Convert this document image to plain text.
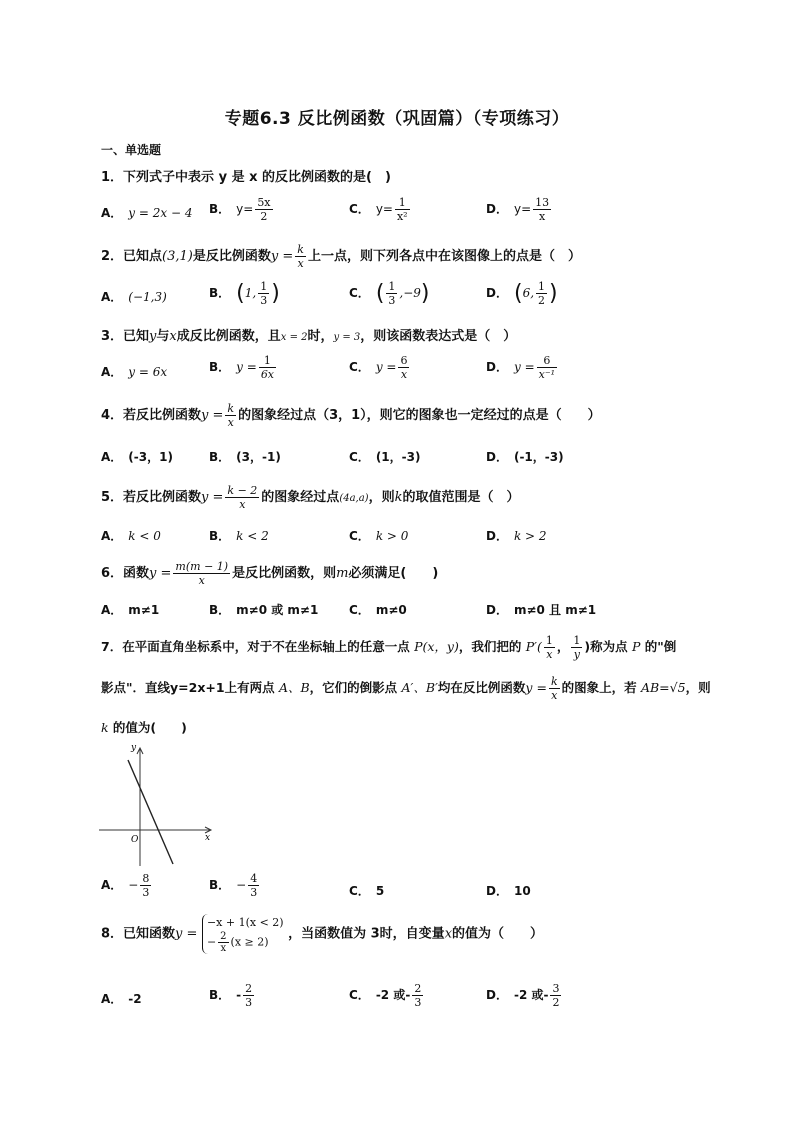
专题6.3 反比例函数（巩固篇）（专项练习）
一、单选题
1．下列式子中表示 y 是 x 的反比例函数的是(　)
A． y = 2x − 4 B． $y= \frac{5x}{2}$	C． $y= \frac{1}{\text{x²}}$	D． $y= \frac{13}{x}$
2．已知点(3,1)是反比例函数$y = \frac{k}{x}$ 上一点，则下列各点中在该图像上的点是（　）
A． (−1,3)	B． (1, $\frac{1}{3}$ )	C． ( $\frac{1}{3} ,-9$)	D． (6, $\frac{1}{2}$ )
3．已知y与x成反比例函数，且x = 2时，y = 3，则该函数表达式是（　）
A． y = 6x	B． $y = \frac{1}{6x}$	C． $y = \frac{6}{x}$	D． $y = \frac{6}{\text{x⁻¹}}$
4．若反比例函数$y = \frac{k}{x}$ 的图象经过点（3，1），则它的图象也一定经过的点是（　　）
A． (-3，1)	B． (3，-1)	C． (1，-3)	D． (-1，-3)
5．若反比例函数$y = \frac{k - 2}{x}$ 的图象经过点(4a,a)，则k的取值范围是（　）
A． k < 0	B． k < 2	C． k > 0	D． k > 2
6．函数$y = \frac{m(m - 1)}{x}$ 是反比例函数，则m必须满足(　　)
A． m≠1	B． m≠0 或 m≠1	C． m≠0	D． m≠0 且 m≠1
7．在平面直角坐标系中，对于不在坐标轴上的任意一点 P(x，y)，我们把的 $P'( \frac{1}{x}$ ， $\frac{1}{y}$ )称为点 P 的"倒
影点"．直线y=2x+1上有两点 A、B，它们的倒影点 A′、B′均在反比例函数$y = \frac{k}{x}$ 的图象上，若 AB=√5，则
k 的值为(　　)
y
x
O
A． − $\frac{8}{3}$	B． − $\frac{4}{3}$	C． 5	D． 10
8．已知函数y =
−x + 1(x < 2)
− $\frac{2}{x} (x \ge 2)$
，当函数值为 3时，自变量x的值为（　　）
A． -2	B． - $\frac{2}{3}$	C． -2 或- $\frac{2}{3}$	D． -2 或- $\frac{3}{2}$
